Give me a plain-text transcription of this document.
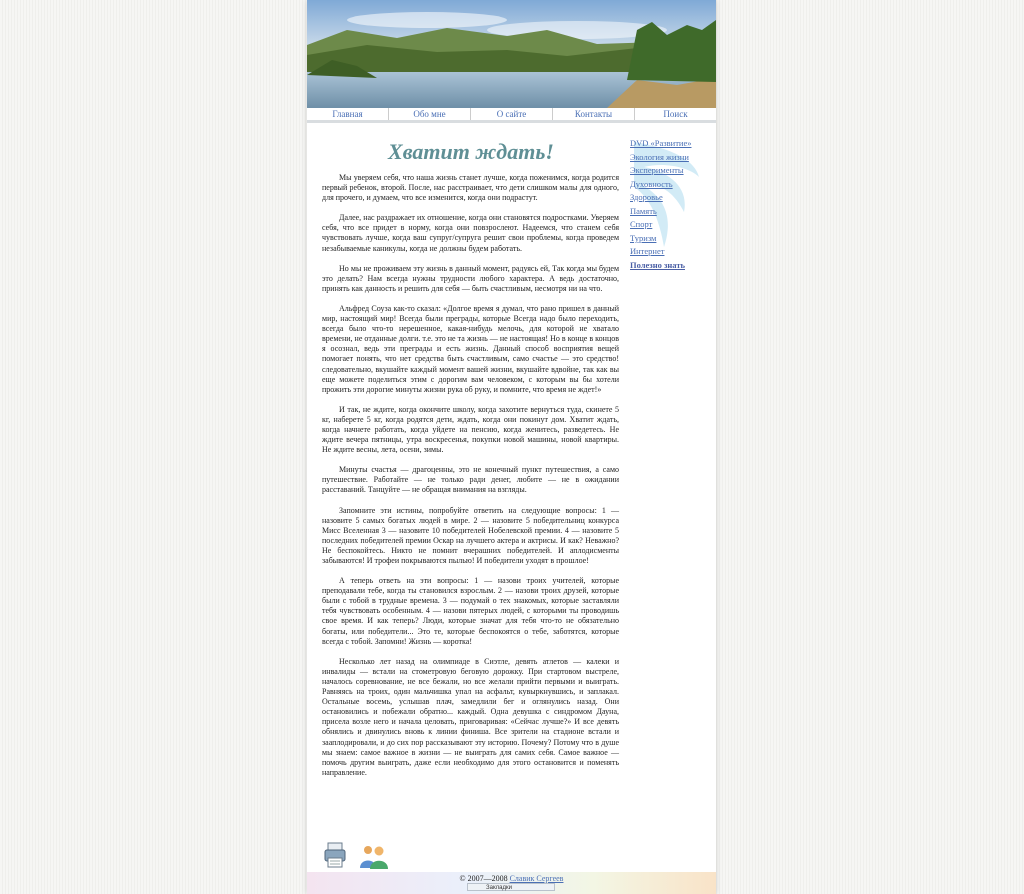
Главная	Обо мне	О сайте	Контакты	Поиск
Хватит ждать!

Мы уверяем себя, что наша жизнь станет лучше, когда поженимся, когда родится первый ребенок, второй. После, нас расстраивает, что дети слишком малы для одного, для прочего, и думаем, что все изменится, когда они подрастут.

Далее, нас раздражает их отношение, когда они становятся подростками. Уверяем себя, что все придет в норму, когда они повзрослеют. Надеемся, что станем себя чувствовать лучше, когда ваш супруг/супруга решит свои проблемы, когда проведем незабываемые каникулы, когда не должны будем работать.

Но мы не проживаем эту жизнь в данный момент, радуясь ей, Так когда мы будем это делать? Нам всегда нужны трудности любого характера. А ведь достаточно, принять как данность и решить для себя — быть счастливым, несмотря ни на что.

Альфред Соуза как-то сказал: «Долгое время я думал, что рано пришел в данный мир, настоящий мир! Всегда были преграды, которые Всегда надо было переходить, всегда было что-то нерешенное, какая-нибудь мелочь, для которой не хватало времени, не отданные долги. т.е. это не та жизнь — не настоящая! Но в конце в концов я осознал, ведь эти преграды и есть жизнь. Данный способ восприятия вещей помогает понять, что нет средства быть счастливым, само счастье — это средство! следовательно, вкушайте каждый момент вашей жизни, вкушайте вдвойне, так как вы еще можете поделиться этим с дорогим вам человеком, с которым вы бы хотели прожить эти дорогие минуты жизни рука об руку, и помните, что время не ждет!»

И так, не ждите, когда окончите школу, когда захотите вернуться туда, скинете 5 кг, наберете 5 кг, когда родятся дети, ждать, когда они покинут дом. Хватит ждать, когда начнете работать, когда уйдете на пенсию, когда женитесь, разведетесь. Не ждите вечера пятницы, утра воскресенья, покупки новой машины, новой квартиры. Не ждите весны, лета, осени, зимы.

Минуты счастья — драгоценны, это не конечный пункт путешествия, а само путешествие. Работайте — не только ради денег, любите — не в ожидании расставаний. Танцуйте — не обращая внимания на взгляды.

Запомните эти истины, попробуйте ответить на следующие вопросы: 1 — назовите 5 самых богатых людей в мире. 2 — назовите 5 победительниц конкурса Мисс Вселенная 3 — назовите 10 победителей Нобелевской премии. 4 — назовите 5 последних победителей премии Оскар на лучшего актера и актрисы. И как? Неважно? Не беспокойтесь. Никто не помнит вчерашних победителей. И аплодисменты забываются! И трофеи покрываются пылью! И победители уходят в прошлое!

А теперь ответь на эти вопросы: 1 — назови троих учителей, которые преподавали тебе, когда ты становился взрослым. 2 — назови троих друзей, которые были с тобой в трудные времена. 3 — подумай о тех знакомых, которые заставляли тебя чувствовать особенным. 4 — назови пятерых людей, с которыми ты проводишь свое время. И как теперь? Люди, которые значат для тебя что-то не обязательно богаты, или победители... Это те, которые беспокоятся о тебе, заботятся, которые всегда с тобой. Запомни! Жизнь — коротка!

Несколько лет назад на олимпиаде в Сиэтле, девять атлетов — калеки и инвалиды — встали на стометровую беговую дорожку. При стартовом выстреле, началось соревнование, не все бежали, но все желали прийти первыми и выиграть. Равняясь на троих, один мальчишка упал на асфальт, кувыркнувшись, и заплакал. Остальные восемь, услышав плач, замедлили бег и оглянулись назад. Они остановились и побежали обратно... каждый. Одна девушка с синдромом Дауна, присела возле него и начала целовать, приговаривая: «Сейчас лучше?» И все девять обнялись и двинулись вновь к линии финиша. Все зрители на стадионе встали и зааплодировали, и до сих пор рассказывают эту историю. Почему? Потому что в душе мы знаем: самое важное в жизни — не выиграть для самих себя. Самое важное — помочь другим выиграть, даже если необходимо для этого остановится и поменять направление.

DVD «Развитие»
Экология жизни
Эксперименты
Духовность
Здоровье
Память
Спорт
Туризм
Интернет
Полезно знать
© 2007—2008 Славик Сергеев
Закладки
